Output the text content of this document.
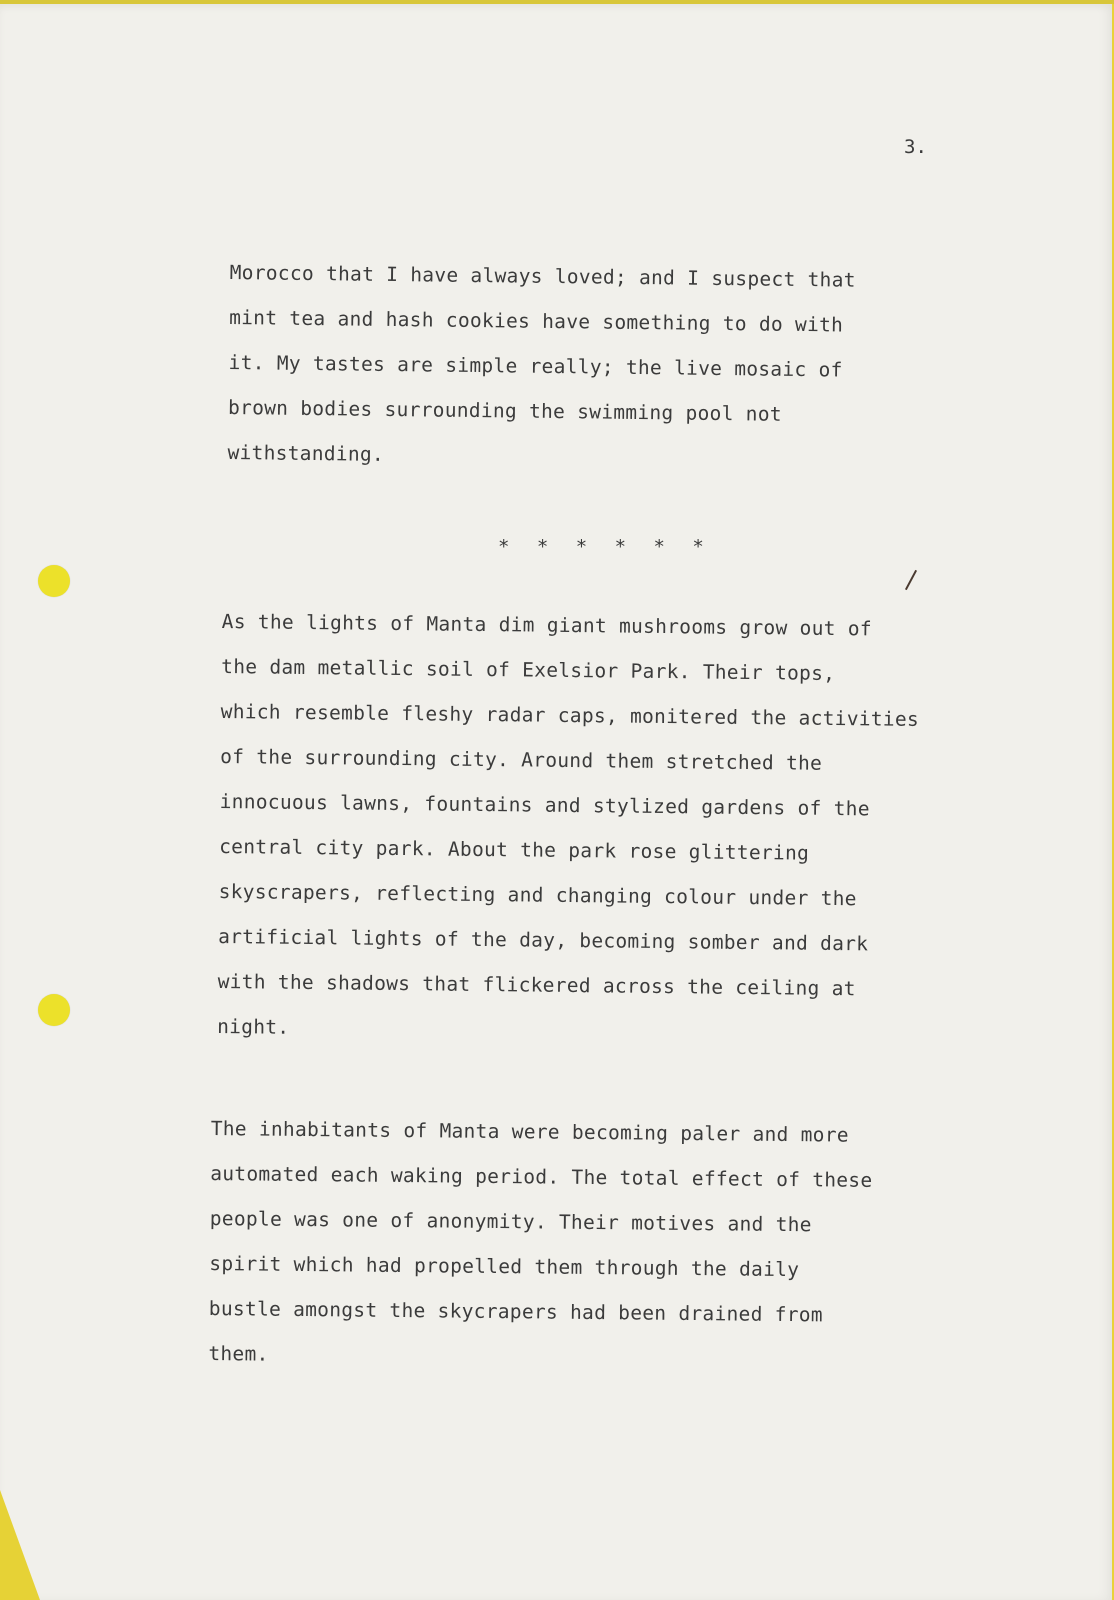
3.
Morocco that I have always loved; and I suspect that
mint tea and hash cookies have something to do with
it. My tastes are simple really; the live mosaic of
brown bodies surrounding the swimming pool not
withstanding.
* * * * * *
As the lights of Manta dim giant mushrooms grow out of
the dam metallic soil of Exelsior Park. Their tops,
which resemble fleshy radar caps, monitered the activities
of the surrounding city. Around them stretched the
innocuous lawns, fountains and stylized gardens of the
central city park. About the park rose glittering
skyscrapers, reflecting and changing colour under the
artificial lights of the day, becoming somber and dark
with the shadows that flickered across the ceiling at
night.
The inhabitants of Manta were becoming paler and more
automated each waking period. The total effect of these
people was one of anonymity. Their motives and the
spirit which had propelled them through the daily
bustle amongst the skycrapers had been drained from
them.
